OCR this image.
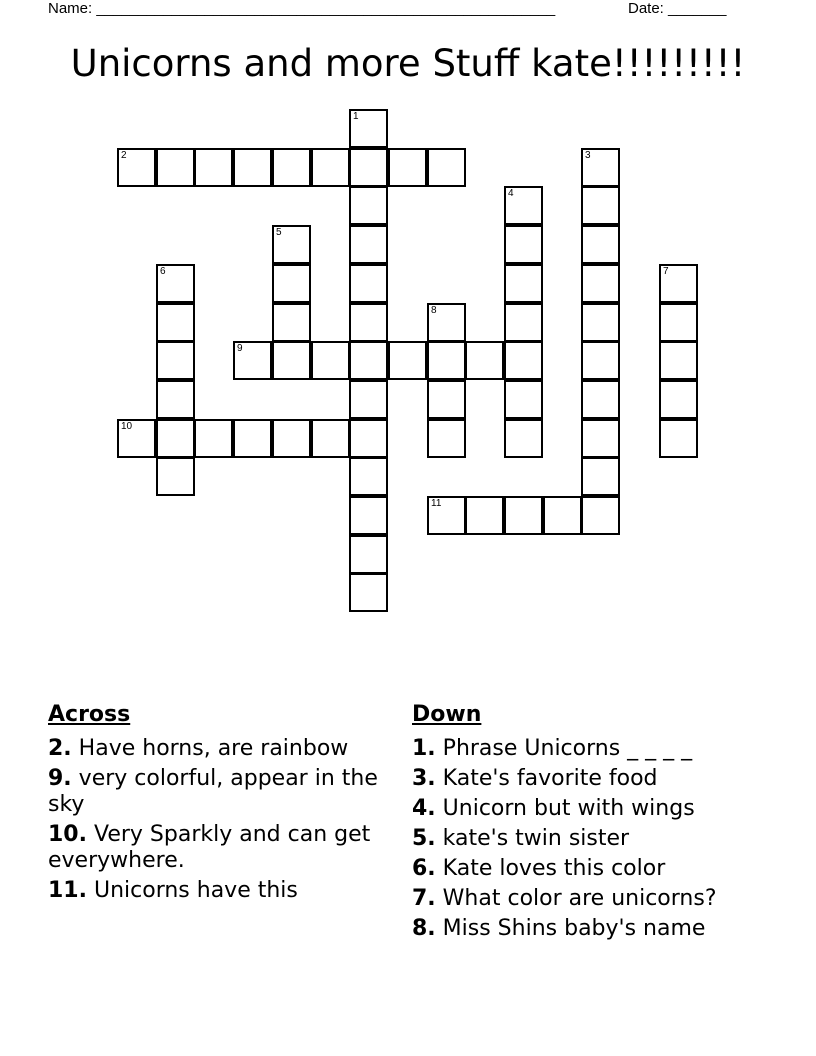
Name: _______________________________________________________	Date: _______
Unicorns and more Stuff kate!!!!!!!!!
2
9
10
11
1
3
4
5
6	7
8
Across
2. Have horns, are rainbow
9. very colorful, appear in the sky
10. Very Sparkly and can get everywhere.
11. Unicorns have this
Down
1. Phrase Unicorns _ _ _ _
3. Kate's favorite food
4. Unicorn but with wings
5. kate's twin sister
6. Kate loves this color
7. What color are unicorns?
8. Miss Shins baby's name
